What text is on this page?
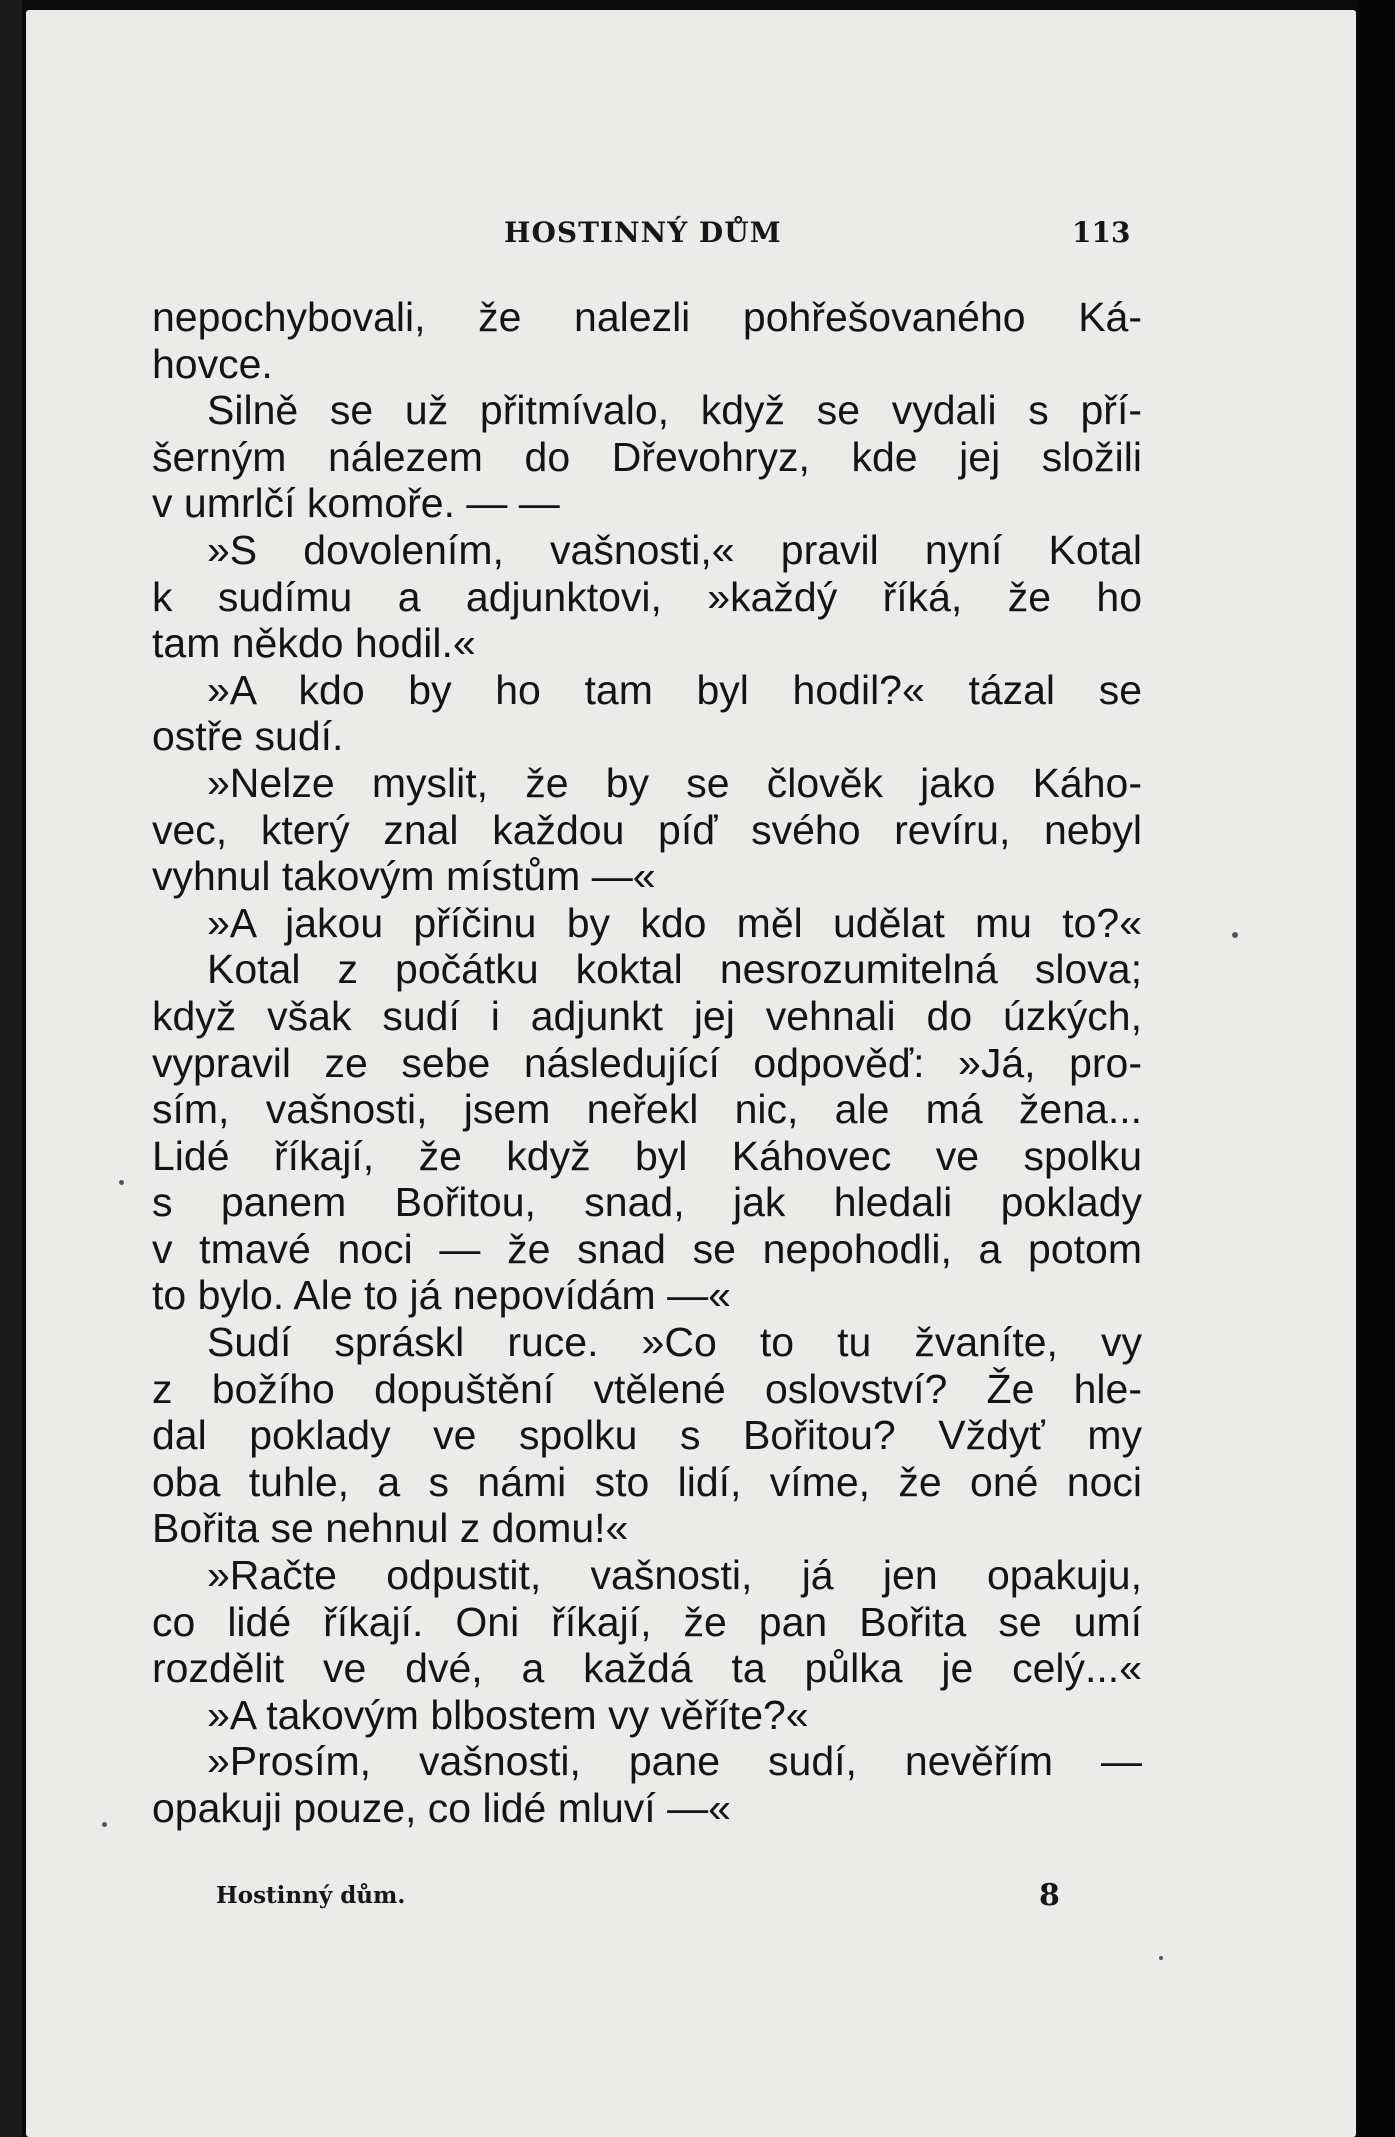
HOSTINNÝ DŮM	113
nepochybovali, že nalezli pohřešovaného Ká-
hovce.
Silně se už přitmívalo, když se vydali s pří-
šerným nálezem do Dřevohryz, kde jej složili
v umrlčí komoře. — —
»S dovolením, vašnosti,« pravil nyní Kotal
k sudímu a adjunktovi, »každý říká, že ho
tam někdo hodil.«
»A kdo by ho tam byl hodil?« tázal se
ostře sudí.
»Nelze myslit, že by se člověk jako Káho-
vec, který znal každou píď svého revíru, nebyl
vyhnul takovým místům —«
»A jakou příčinu by kdo měl udělat mu to?«
Kotal z počátku koktal nesrozumitelná slova;
když však sudí i adjunkt jej vehnali do úzkých,
vypravil ze sebe následující odpověď: »Já, pro-
sím, vašnosti, jsem neřekl nic, ale má žena...
Lidé říkají, že když byl Káhovec ve spolku
s panem Bořitou, snad, jak hledali poklady
v tmavé noci — že snad se nepohodli, a potom
to bylo. Ale to já nepovídám —«
Sudí spráskl ruce. »Co to tu žvaníte, vy
z božího dopuštění vtělené oslovství? Že hle-
dal poklady ve spolku s Bořitou? Vždyť my
oba tuhle, a s námi sto lidí, víme, že oné noci
Bořita se nehnul z domu!«
»Račte odpustit, vašnosti, já jen opakuju,
co lidé říkají. Oni říkají, že pan Bořita se umí
rozdělit ve dvé, a každá ta půlka je celý...«
»A takovým blbostem vy věříte?«
»Prosím, vašnosti, pane sudí, nevěřím —
opakuji pouze, co lidé mluví —«
Hostinný dům.	8
